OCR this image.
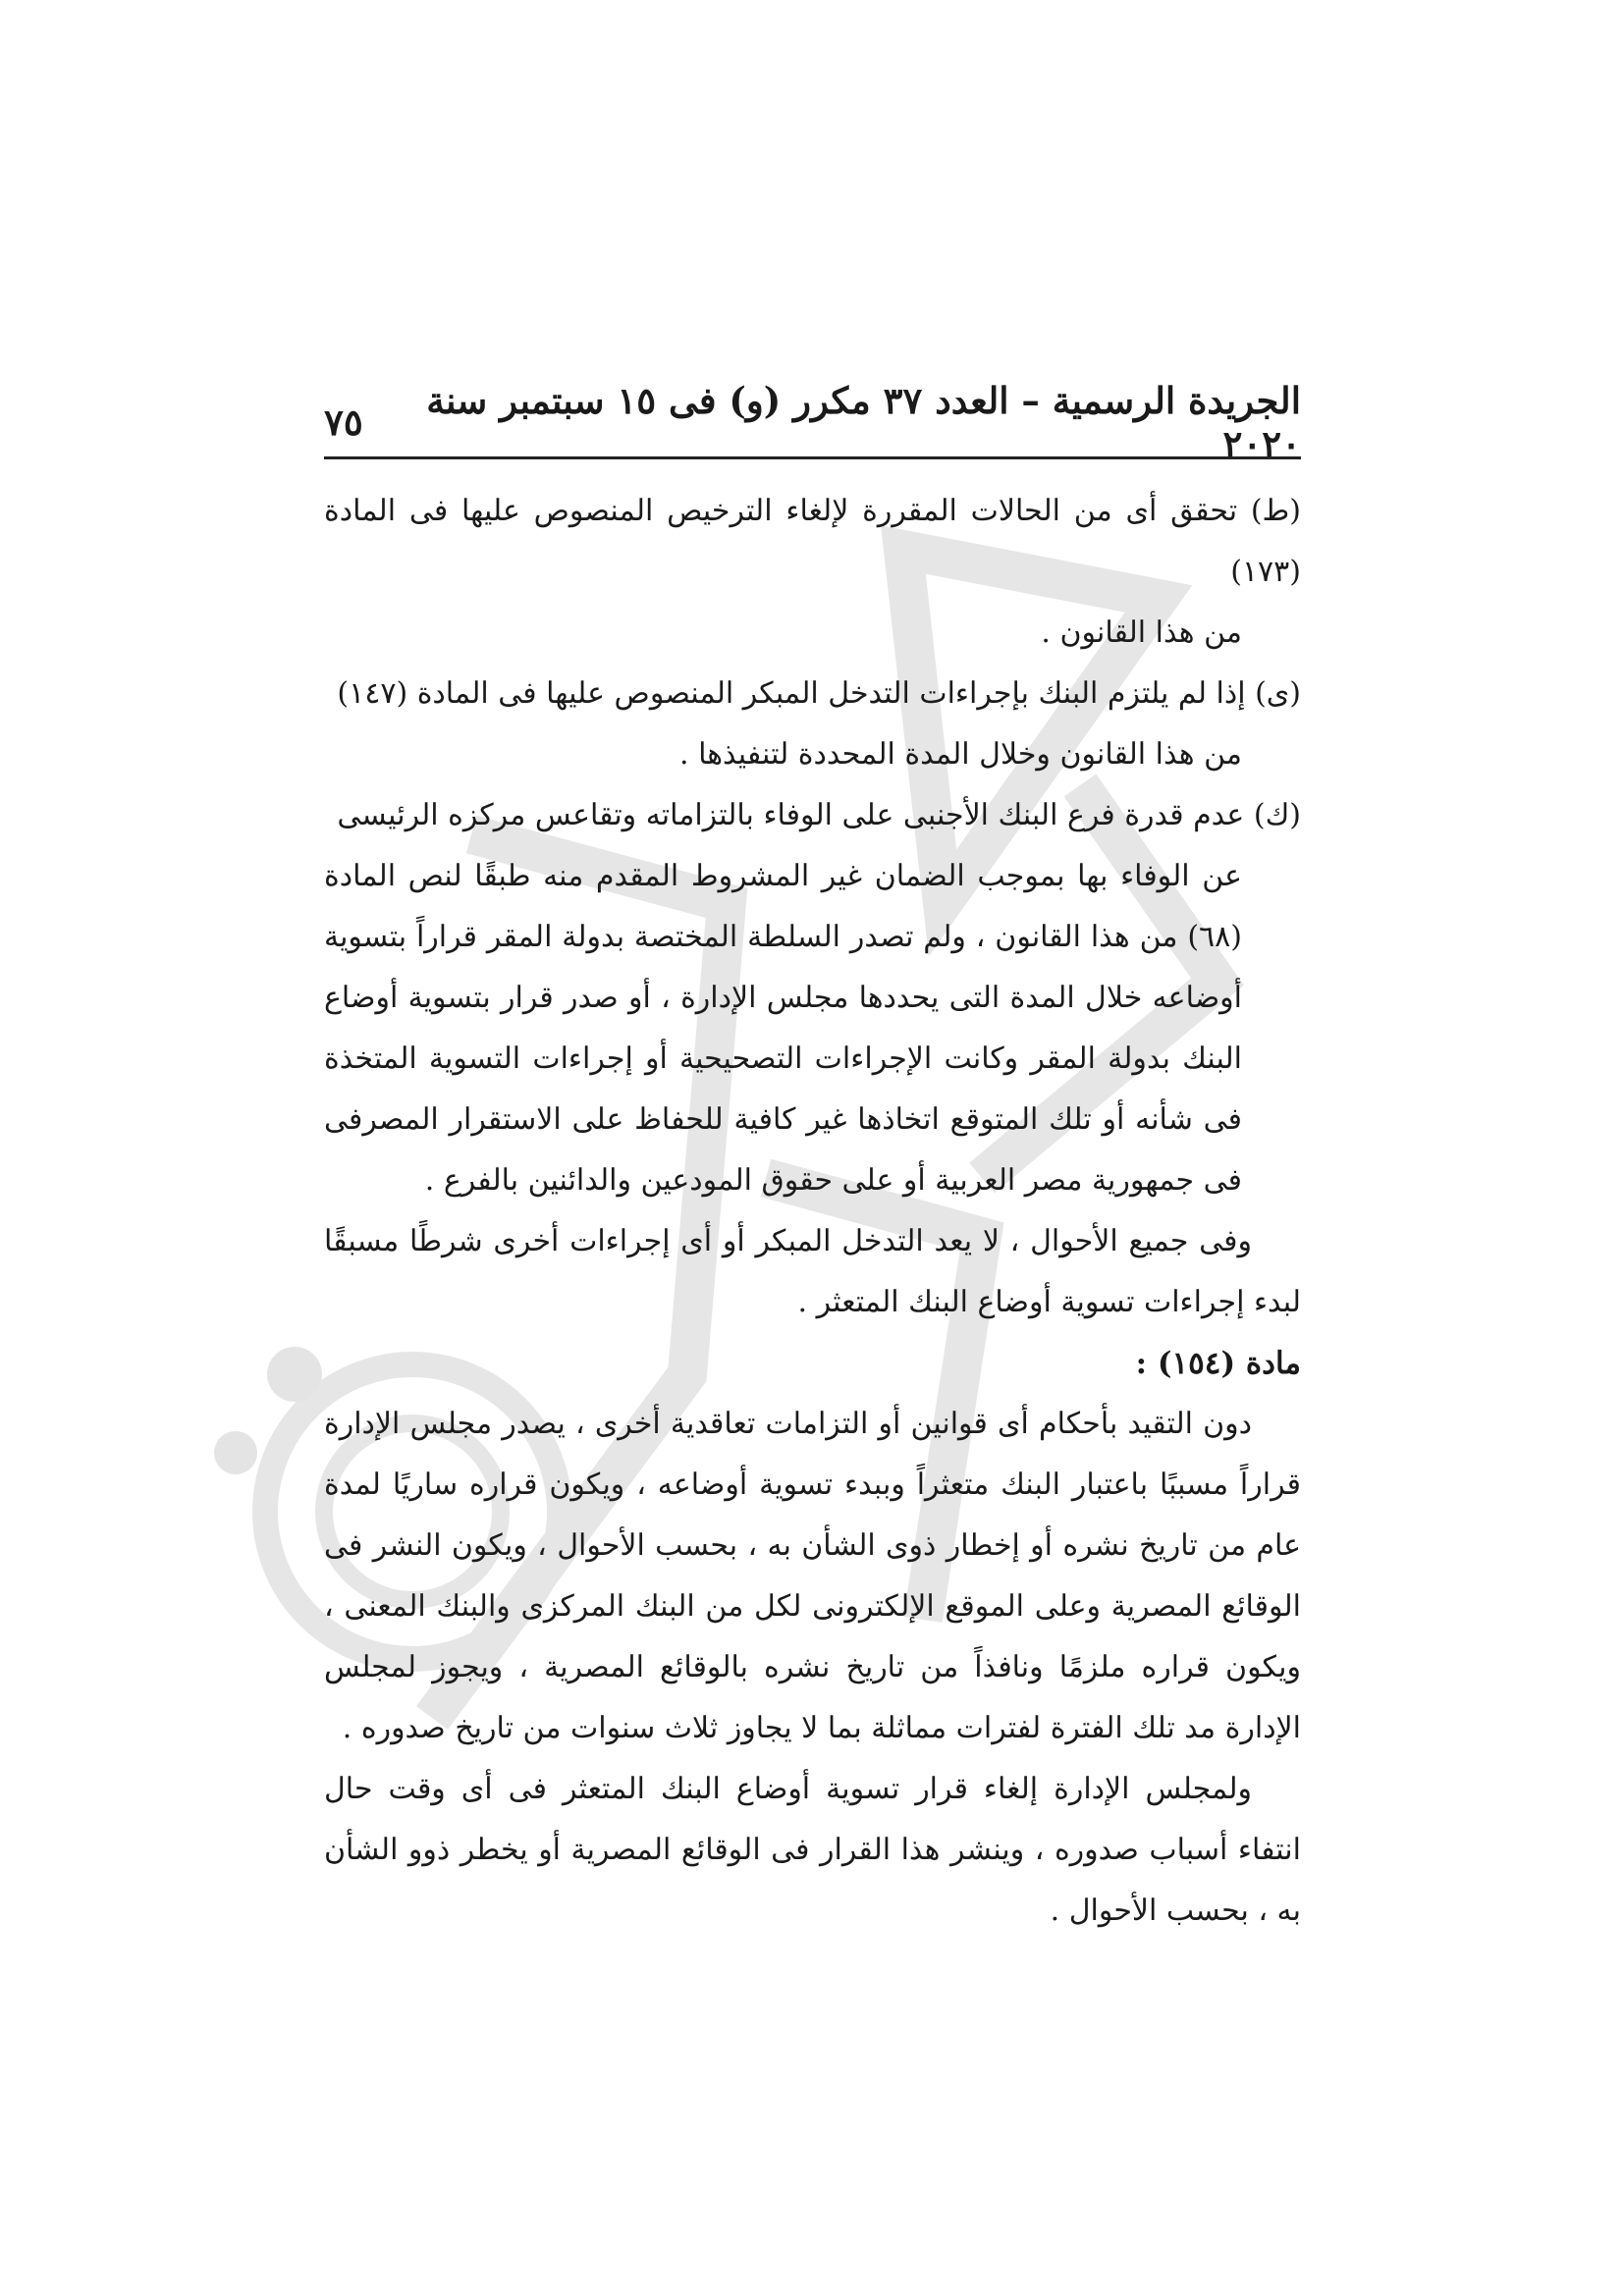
الجريدة الرسمية – العدد ٣٧ مكرر (و) فى ١٥ سبتمبر سنة ٢٠٢٠
٧٥

(ط) تحقق أى من الحالات المقررة لإلغاء الترخيص المنصوص عليها فى المادة (١٧٣)
من هذا القانون .

(ى) إذا لم يلتزم البنك بإجراءات التدخل المبكر المنصوص عليها فى المادة (١٤٧)
من هذا القانون وخلال المدة المحددة لتنفيذها .

(ك) عدم قدرة فرع البنك الأجنبى على الوفاء بالتزاماته وتقاعس مركزه الرئيسى
عن الوفاء بها بموجب الضمان غير المشروط المقدم منه طبقًا لنص المادة (٦٨) من هذا القانون ، ولم تصدر السلطة المختصة بدولة المقر قراراً بتسوية أوضاعه خلال المدة التى يحددها مجلس الإدارة ، أو صدر قرار بتسوية أوضاع البنك بدولة المقر وكانت الإجراءات التصحيحية أو إجراءات التسوية المتخذة فى شأنه أو تلك المتوقع اتخاذها غير كافية للحفاظ على الاستقرار المصرفى فى جمهورية مصر العربية أو على حقوق المودعين والدائنين بالفرع .

وفى جميع الأحوال ، لا يعد التدخل المبكر أو أى إجراءات أخرى شرطًا مسبقًا لبدء إجراءات تسوية أوضاع البنك المتعثر .

مادة (١٥٤) :

دون التقيد بأحكام أى قوانين أو التزامات تعاقدية أخرى ، يصدر مجلس الإدارة قراراً مسببًا باعتبار البنك متعثراً وببدء تسوية أوضاعه ، ويكون قراره ساريًا لمدة عام من تاريخ نشره أو إخطار ذوى الشأن به ، بحسب الأحوال ، ويكون النشر فى الوقائع المصرية وعلى الموقع الإلكترونى لكل من البنك المركزى والبنك المعنى ، ويكون قراره ملزمًا ونافذاً من تاريخ نشره بالوقائع المصرية ، ويجوز لمجلس الإدارة مد تلك الفترة لفترات مماثلة بما لا يجاوز ثلاث سنوات من تاريخ صدوره .

ولمجلس الإدارة إلغاء قرار تسوية أوضاع البنك المتعثر فى أى وقت حال انتفاء أسباب صدوره ، وينشر هذا القرار فى الوقائع المصرية أو يخطر ذوو الشأن به ، بحسب الأحوال .
